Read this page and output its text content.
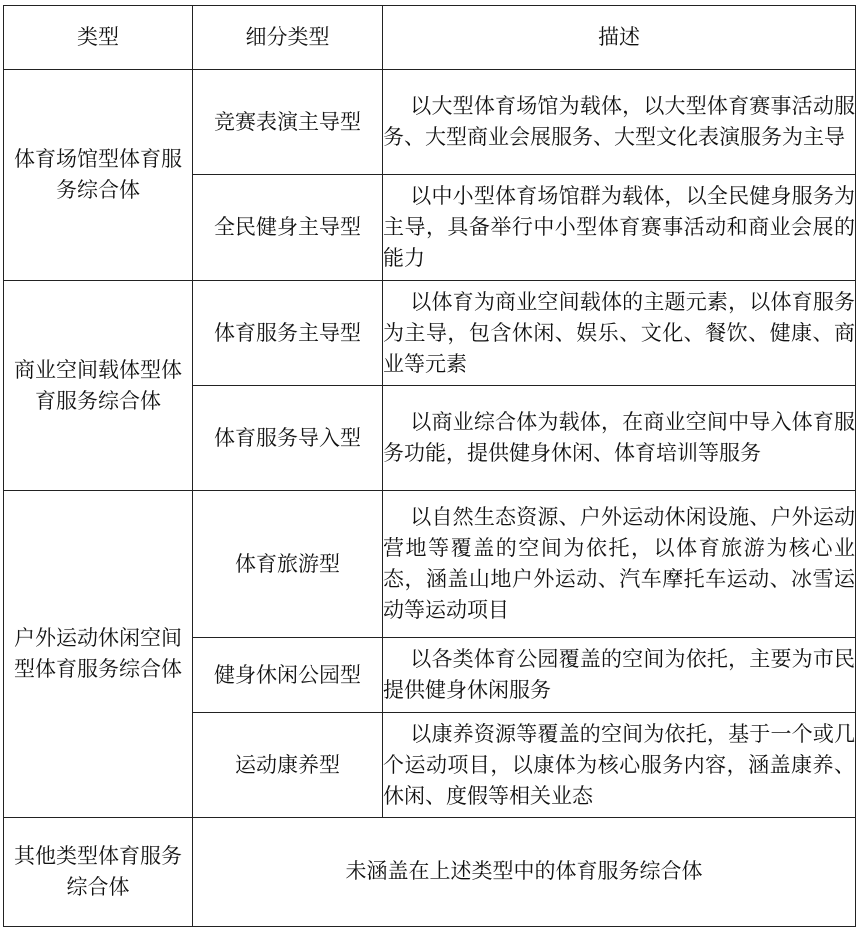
类型	细分类型	描述
体育场馆型体育服务综合体	竞赛表演主导型	以大型体育场馆为载体，以大型体育赛事活动服务、大型商业会展服务、大型文化表演服务为主导
	全民健身主导型	以中小型体育场馆群为载体，以全民健身服务为主导，具备举行中小型体育赛事活动和商业会展的能力
商业空间载体型体育服务综合体	体育服务主导型	以体育为商业空间载体的主题元素，以体育服务为主导，包含休闲、娱乐、文化、餐饮、健康、商业等元素
	体育服务导入型	以商业综合体为载体，在商业空间中导入体育服务功能，提供健身休闲、体育培训等服务
户外运动休闲空间型体育服务综合体	体育旅游型	以自然生态资源、户外运动休闲设施、户外运动营地等覆盖的空间为依托，以体育旅游为核心业态，涵盖山地户外运动、汽车摩托车运动、冰雪运动等运动项目
	健身休闲公园型	以各类体育公园覆盖的空间为依托，主要为市民提供健身休闲服务
	运动康养型	以康养资源等覆盖的空间为依托，基于一个或几个运动项目，以康体为核心服务内容，涵盖康养、休闲、度假等相关业态
其他类型体育服务综合体	未涵盖在上述类型中的体育服务综合体	
